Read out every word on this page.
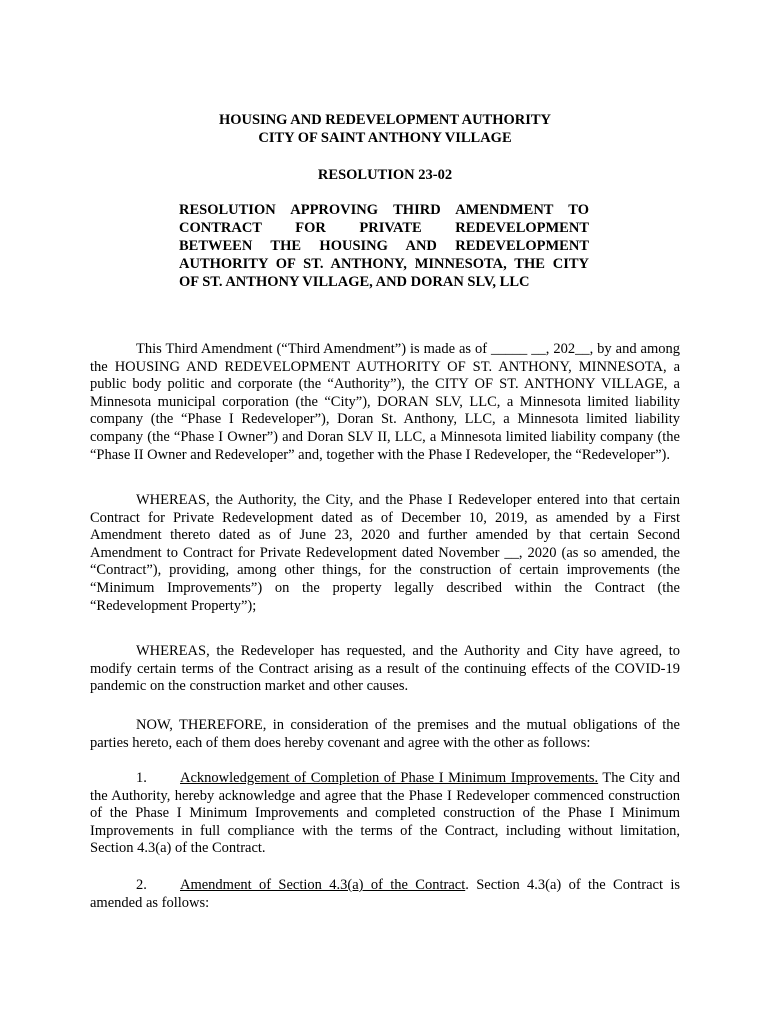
HOUSING AND REDEVELOPMENT AUTHORITY
CITY OF SAINT ANTHONY VILLAGE
RESOLUTION 23-02
RESOLUTION APPROVING THIRD AMENDMENT TO
CONTRACT FOR PRIVATE REDEVELOPMENT
BETWEEN THE HOUSING AND REDEVELOPMENT
AUTHORITY OF ST. ANTHONY, MINNESOTA, THE CITY
OF ST. ANTHONY VILLAGE, AND DORAN SLV, LLC
This Third Amendment (“Third Amendment”) is made as of _____ __, 202__, by and among the HOUSING AND REDEVELOPMENT AUTHORITY OF ST. ANTHONY, MINNESOTA, a public body politic and corporate (the “Authority”), the CITY OF ST. ANTHONY VILLAGE, a Minnesota municipal corporation (the “City”), DORAN SLV, LLC, a Minnesota limited liability company (the “Phase I Redeveloper”), Doran St. Anthony, LLC, a Minnesota limited liability company (the “Phase I Owner”) and Doran SLV II, LLC, a Minnesota limited liability company (the “Phase II Owner and Redeveloper” and, together with the Phase I Redeveloper, the “Redeveloper”).
WHEREAS, the Authority, the City, and the Phase I Redeveloper entered into that certain Contract for Private Redevelopment dated as of December 10, 2019, as amended by a First Amendment thereto dated as of June 23, 2020 and further amended by that certain Second Amendment to Contract for Private Redevelopment dated November __, 2020 (as so amended, the “Contract”), providing, among other things, for the construction of certain improvements (the “Minimum Improvements”) on the property legally described within the Contract (the “Redevelopment Property”);
WHEREAS, the Redeveloper has requested, and the Authority and City have agreed, to modify certain terms of the Contract arising as a result of the continuing effects of the COVID-19 pandemic on the construction market and other causes.
NOW, THEREFORE, in consideration of the premises and the mutual obligations of the parties hereto, each of them does hereby covenant and agree with the other as follows:
1. Acknowledgement of Completion of Phase I Minimum Improvements. The City and the Authority, hereby acknowledge and agree that the Phase I Redeveloper commenced construction of the Phase I Minimum Improvements and completed construction of the Phase I Minimum Improvements in full compliance with the terms of the Contract, including without limitation, Section 4.3(a) of the Contract.
2. Amendment of Section 4.3(a) of the Contract. Section 4.3(a) of the Contract is amended as follows:
